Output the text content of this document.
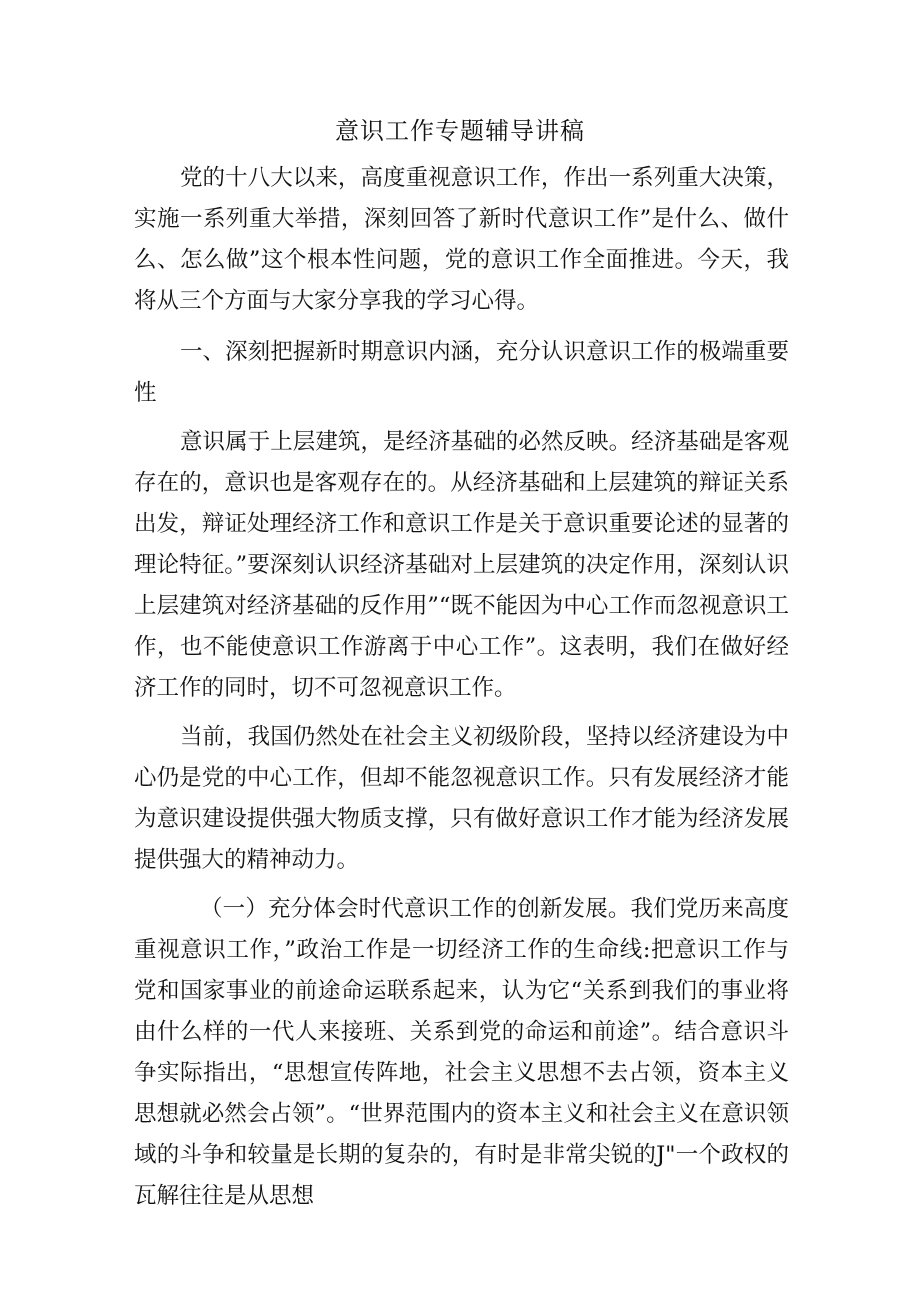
意识工作专题辅导讲稿

党的十八大以来，高度重视意识工作，作出一系列重大决策，实施一系列重大举措，深刻回答了新时代意识工作”是什么、做什么、怎么做”这个根本性问题，党的意识工作全面推进。今天，我将从三个方面与大家分享我的学习心得。

一、深刻把握新时期意识内涵，充分认识意识工作的极端重要性

意识属于上层建筑，是经济基础的必然反映。经济基础是客观存在的，意识也是客观存在的。从经济基础和上层建筑的辩证关系出发，辩证处理经济工作和意识工作是关于意识重要论述的显著的理论特征。”要深刻认识经济基础对上层建筑的决定作用，深刻认识上层建筑对经济基础的反作用”“既不能因为中心工作而忽视意识工作，也不能使意识工作游离于中心工作”。这表明，我们在做好经济工作的同时，切不可忽视意识工作。

当前，我国仍然处在社会主义初级阶段，坚持以经济建设为中心仍是党的中心工作，但却不能忽视意识工作。只有发展经济才能为意识建设提供强大物质支撑，只有做好意识工作才能为经济发展提供强大的精神动力。

（一）充分体会时代意识工作的创新发展。我们党历来高度重视意识工作，”政治工作是一切经济工作的生命线:把意识工作与党和国家事业的前途命运联系起来，认为它“关系到我们的事业将由什么样的一代人来接班、关系到党的命运和前途”。结合意识斗争实际指出，“思想宣传阵地，社会主义思想不去占领，资本主义思想就必然会占领”。“世界范围内的资本主义和社会主义在意识领域的斗争和较量是长期的复杂的，有时是非常尖锐的J"一个政权的瓦解往往是从思想
